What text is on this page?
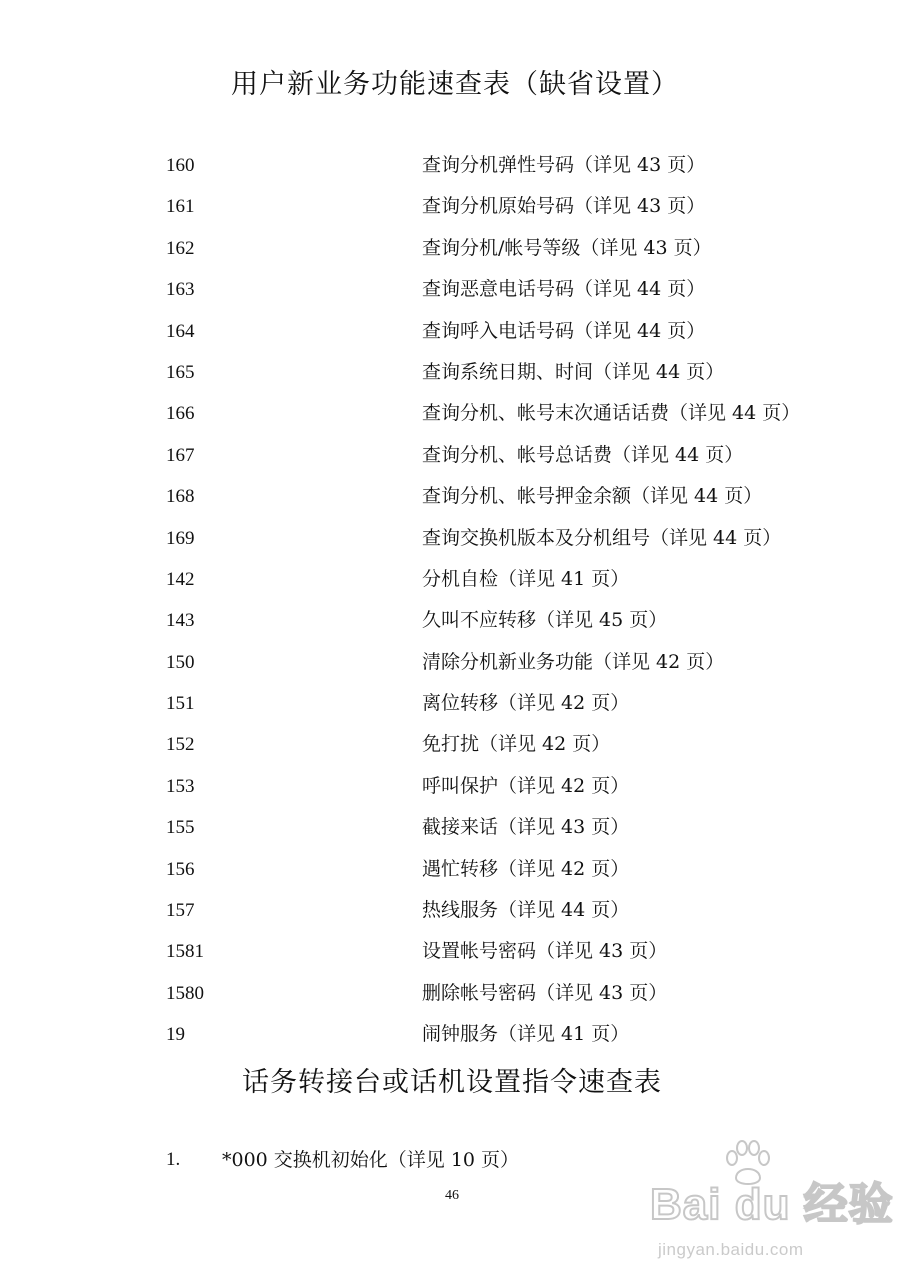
用户新业务功能速查表（缺省设置）
160	查询分机弹性号码（详见 43 页）
161	查询分机原始号码（详见 43 页）
162	查询分机/帐号等级（详见 43 页）
163	查询恶意电话号码（详见 44 页）
164	查询呼入电话号码（详见 44 页）
165	查询系统日期、时间（详见 44 页）
166	查询分机、帐号末次通话话费（详见 44 页）
167	查询分机、帐号总话费（详见 44 页）
168	查询分机、帐号押金余额（详见 44 页）
169	查询交换机版本及分机组号（详见 44 页）
142	分机自检（详见 41 页）
143	久叫不应转移（详见 45 页）
150	清除分机新业务功能（详见 42 页）
151	离位转移（详见 42 页）
152	免打扰（详见 42 页）
153	呼叫保护（详见 42 页）
155	截接来话（详见 43 页）
156	遇忙转移（详见 42 页）
157	热线服务（详见 44 页）
1581	设置帐号密码（详见 43 页）
1580	删除帐号密码（详见 43 页）
19	闹钟服务（详见 41 页）
话务转接台或话机设置指令速查表
1. *000 交换机初始化（详见 10 页）
46	Bai du 经验
jingyan.baidu.com
